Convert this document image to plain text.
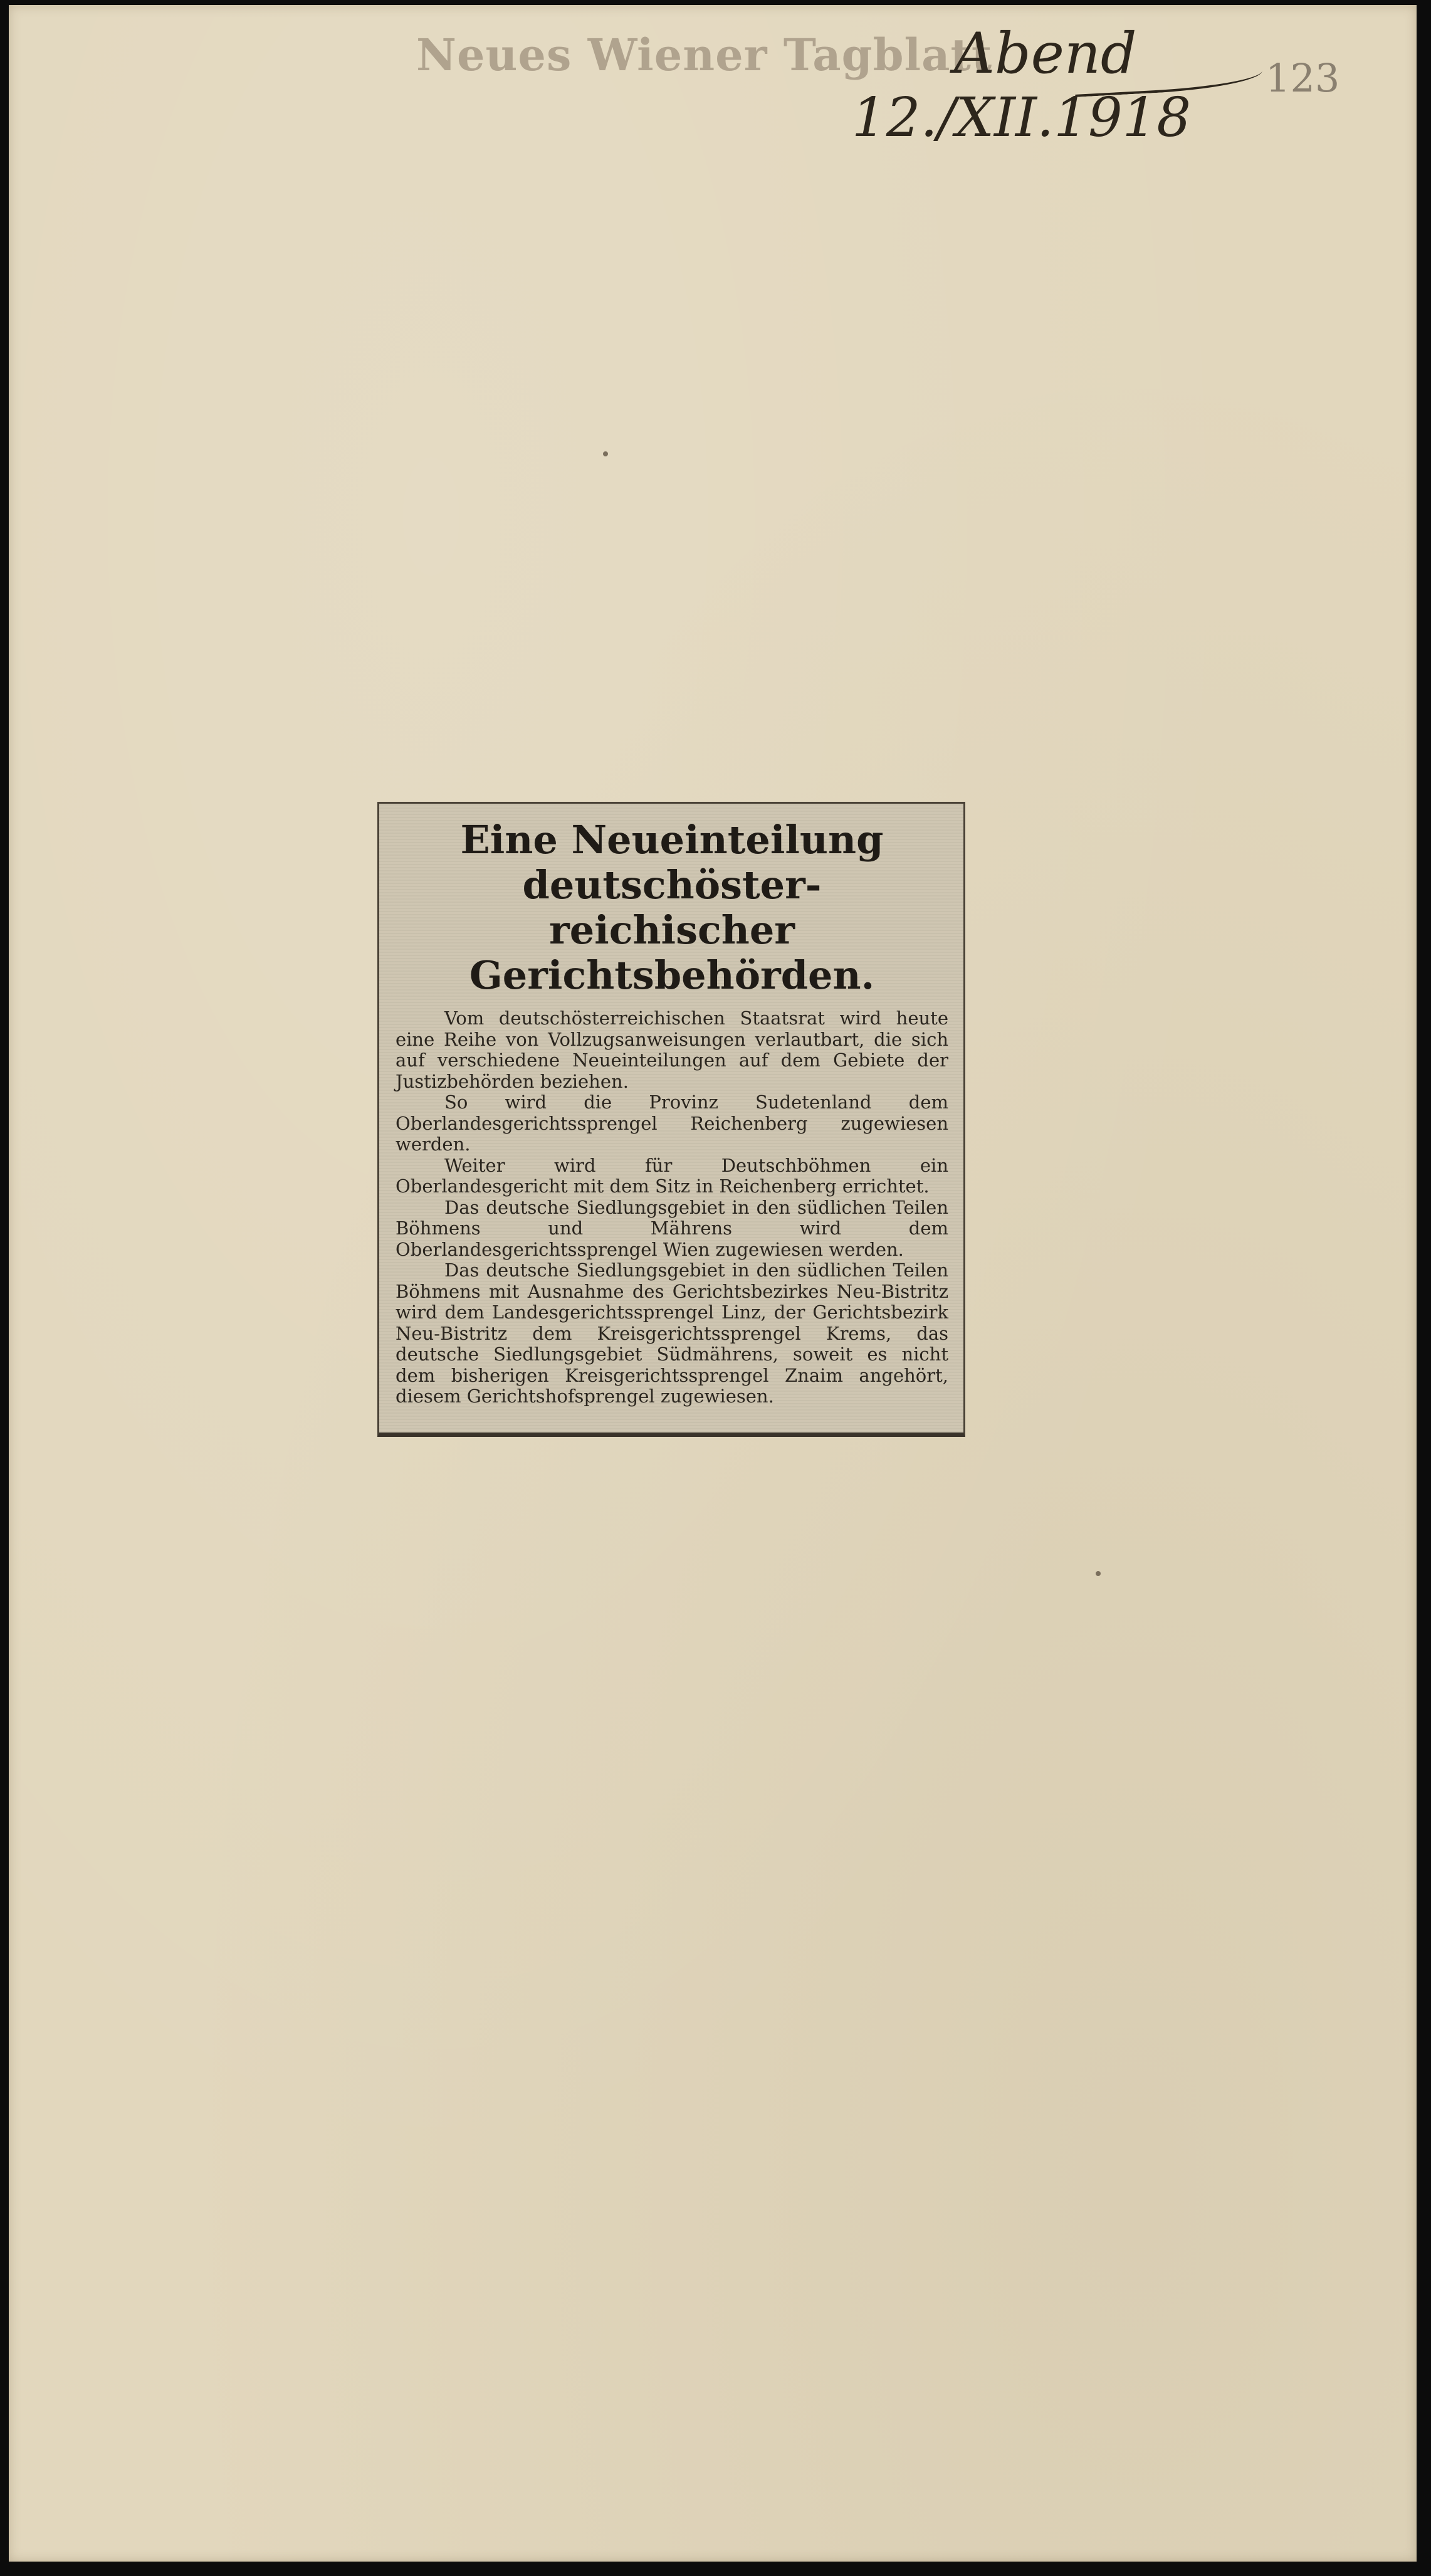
Neues Wiener Tagblatt
Abend
12./XII.1918
123
Eine Neueinteilung deutschöster-
reichischer Gerichtsbehörden.

Vom deutschösterreichischen Staatsrat wird heute eine Reihe von Vollzugsanweisungen verlautbart, die sich auf verschiedene Neueinteilungen auf dem Gebiete der Justizbehörden beziehen.

So wird die Provinz Sudetenland dem Oberlandesgerichtssprengel Reichenberg zugewiesen werden.

Weiter wird für Deutschböhmen ein Oberlandesgericht mit dem Sitz in Reichenberg errichtet.

Das deutsche Siedlungsgebiet in den südlichen Teilen Böhmens und Mährens wird dem Oberlandesgerichtssprengel Wien zugewiesen werden.

Das deutsche Siedlungsgebiet in den südlichen Teilen Böhmens mit Ausnahme des Gerichtsbezirkes Neu-Bistritz wird dem Landesgerichtssprengel Linz, der Gerichtsbezirk Neu-Bistritz dem Kreisgerichtssprengel Krems, das deutsche Siedlungsgebiet Südmährens, soweit es nicht dem bisherigen Kreisgerichtssprengel Znaim angehört, diesem Gerichtshofsprengel zugewiesen.
